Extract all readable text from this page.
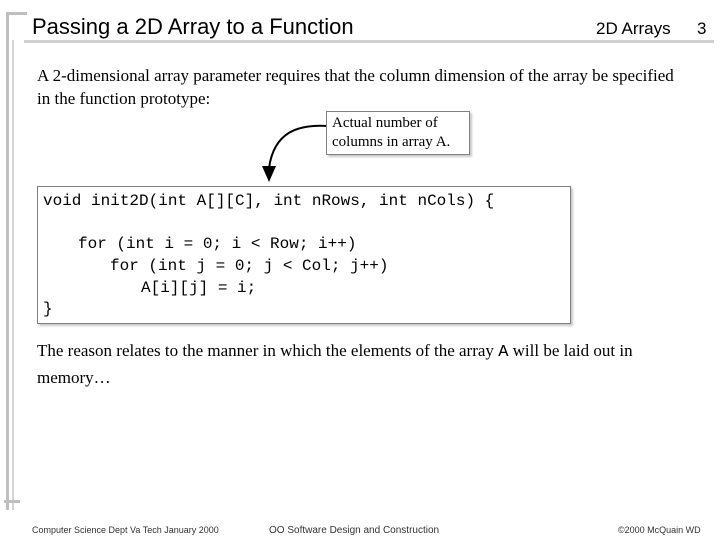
Passing a 2D Array to a Function	2D Arrays 3
A 2-dimensional array parameter requires that the column dimension of the array be specified in the function prototype:
Actual number of
columns in array A.
void init2D(int A[][C], int nRows, int nCols) {
for (int i = 0; i < Row; i++)
for (int j = 0; j < Col; j++)
A[i][j] = i;
}
The reason relates to the manner in which the elements of the array A will be laid out in memory…
Computer Science Dept Va Tech January 2000	OO Software Design and Construction	©2000 McQuain WD
